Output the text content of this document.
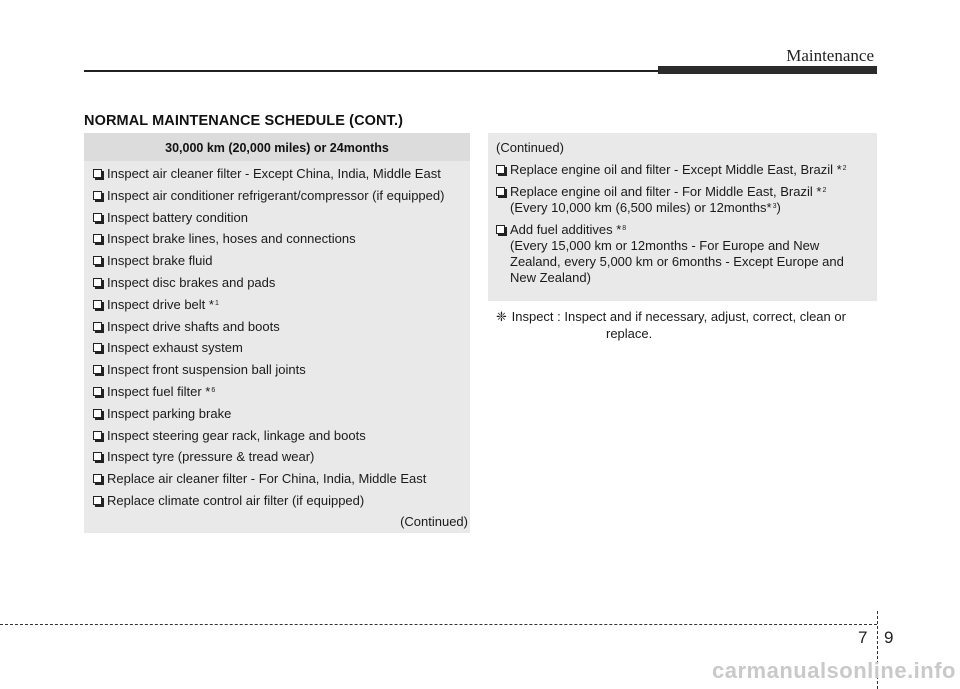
Maintenance
NORMAL MAINTENANCE SCHEDULE (CONT.)
30,000 km (20,000 miles) or 24months
Inspect air cleaner filter - Except China, India, Middle East
Inspect air conditioner refrigerant/compressor (if equipped)
Inspect battery condition
Inspect brake lines, hoses and connections
Inspect brake fluid
Inspect disc brakes and pads
Inspect drive belt *$^1$
Inspect drive shafts and boots
Inspect exhaust system
Inspect front suspension ball joints
Inspect fuel filter *$^6$
Inspect parking brake
Inspect steering gear rack, linkage and boots
Inspect tyre (pressure & tread wear)
Replace air cleaner filter - For China, India, Middle East
Replace climate control air filter (if equipped)
(Continued)
(Continued)
Replace engine oil and filter - Except Middle East, Brazil *$^2$
Replace engine oil and filter - For Middle East, Brazil *$^2$
(Every 10,000 km (6,500 miles) or 12months*$^3$)
Add fuel additives *$^8$
(Every 15,000 km or 12months - For Europe and New
Zealand, every 5,000 km or 6months - Except Europe and
New Zealand)
❈ Inspect : Inspect and if necessary, adjust, correct, clean or
replace.
7 9
carmanualsonline.info
